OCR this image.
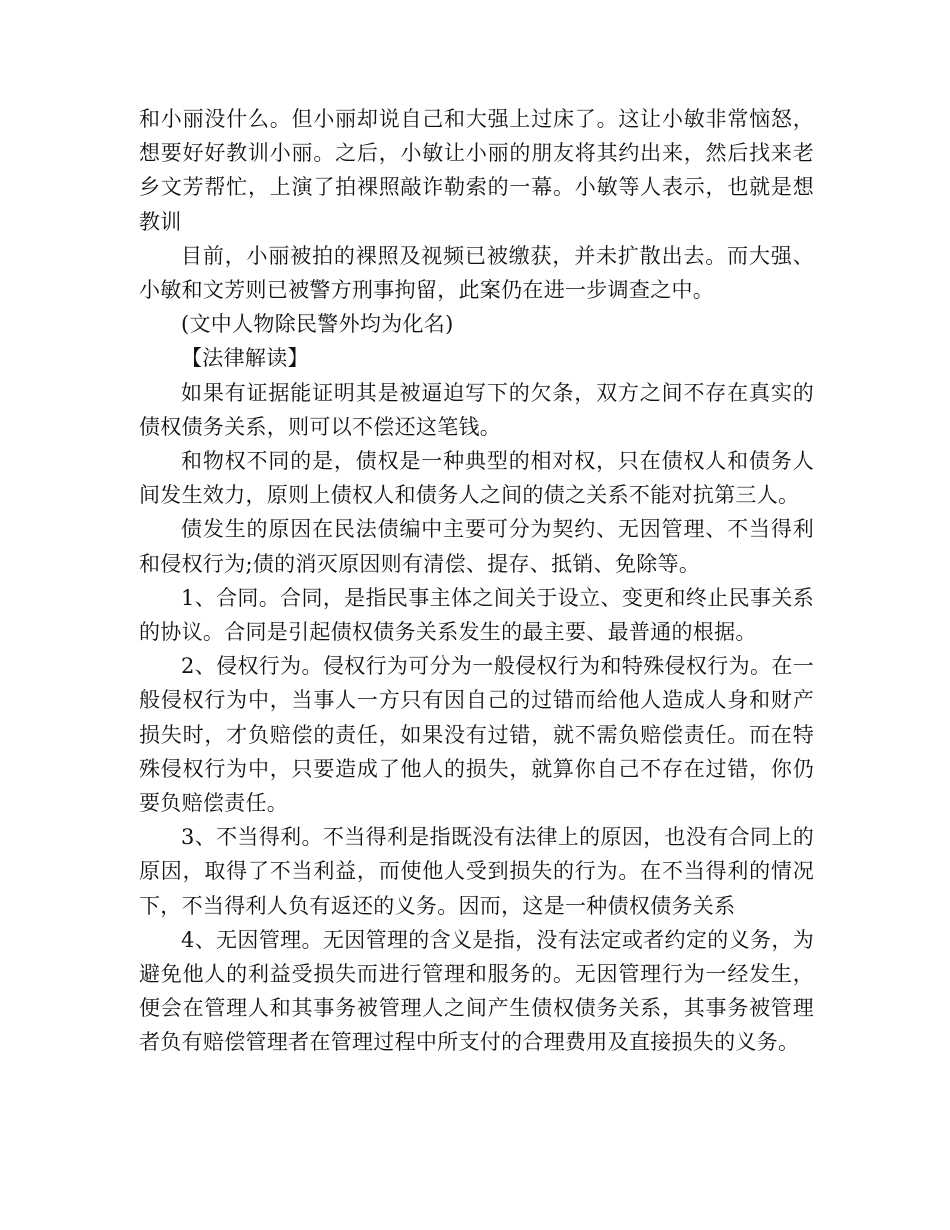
和小丽没什么。但小丽却说自己和大强上过床了。这让小敏非常恼怒，想要好好教训小丽。之后，小敏让小丽的朋友将其约出来，然后找来老乡文芳帮忙，上演了拍裸照敲诈勒索的一幕。小敏等人表示，也就是想教训

目前，小丽被拍的裸照及视频已被缴获，并未扩散出去。而大强、小敏和文芳则已被警方刑事拘留，此案仍在进一步调查之中。

(文中人物除民警外均为化名)

【法律解读】

如果有证据能证明其是被逼迫写下的欠条，双方之间不存在真实的债权债务关系，则可以不偿还这笔钱。

和物权不同的是，债权是一种典型的相对权，只在债权人和债务人间发生效力，原则上债权人和债务人之间的债之关系不能对抗第三人。

债发生的原因在民法债编中主要可分为契约、无因管理、不当得利和侵权行为;债的消灭原因则有清偿、提存、抵销、免除等。

1、合同。合同，是指民事主体之间关于设立、变更和终止民事关系的协议。合同是引起债权债务关系发生的最主要、最普通的根据。

2、侵权行为。侵权行为可分为一般侵权行为和特殊侵权行为。在一般侵权行为中，当事人一方只有因自己的过错而给他人造成人身和财产损失时，才负赔偿的责任，如果没有过错，就不需负赔偿责任。而在特殊侵权行为中，只要造成了他人的损失，就算你自己不存在过错，你仍要负赔偿责任。

3、不当得利。不当得利是指既没有法律上的原因，也没有合同上的原因，取得了不当利益，而使他人受到损失的行为。在不当得利的情况下，不当得利人负有返还的义务。因而，这是一种债权债务关系

4、无因管理。无因管理的含义是指，没有法定或者约定的义务，为避免他人的利益受损失而进行管理和服务的。无因管理行为一经发生，便会在管理人和其事务被管理人之间产生债权债务关系，其事务被管理者负有赔偿管理者在管理过程中所支付的合理费用及直接损失的义务。
